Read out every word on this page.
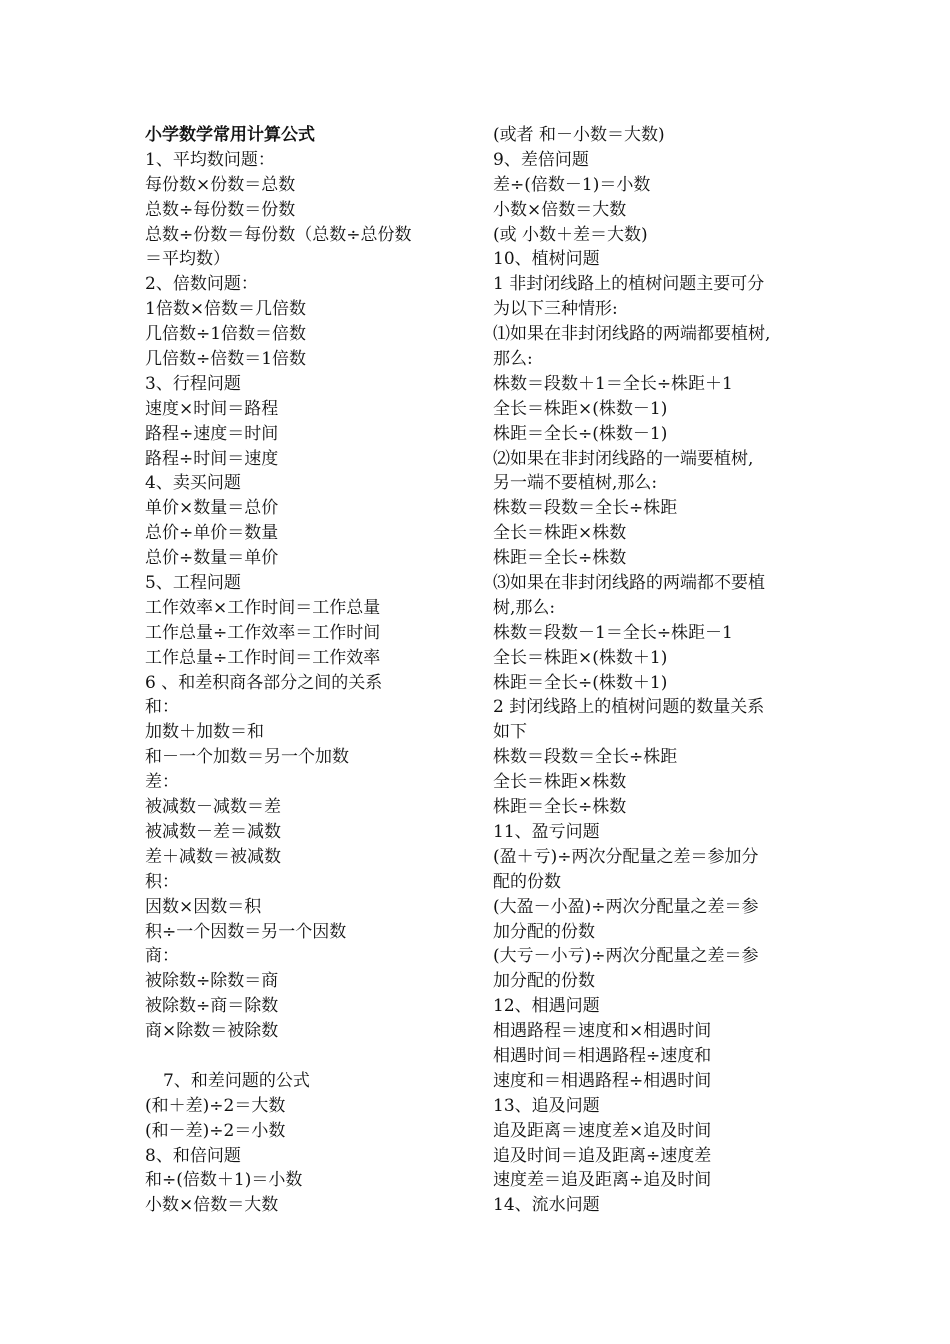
小学数学常用计算公式
1、平均数问题：
每份数×份数＝总数
总数÷每份数＝份数
总数÷份数＝每份数（总数÷总份数
＝平均数）
2、倍数问题：
1倍数×倍数＝几倍数
几倍数÷1倍数＝倍数
几倍数÷倍数＝1倍数
3、行程问题
速度×时间＝路程
路程÷速度＝时间
路程÷时间＝速度
4、卖买问题
单价×数量＝总价
总价÷单价＝数量
总价÷数量＝单价
5、工程问题
工作效率×工作时间＝工作总量
工作总量÷工作效率＝工作时间
工作总量÷工作时间＝工作效率
6 、和差积商各部分之间的关系
和：
加数＋加数＝和
和－一个加数＝另一个加数
差：
被减数－减数＝差
被减数－差＝减数
差＋减数＝被减数
积：
因数×因数＝积
积÷一个因数＝另一个因数
商：
被除数÷除数＝商
被除数÷商＝除数
商×除数＝被除数
7、和差问题的公式
(和＋差)÷2＝大数
(和－差)÷2＝小数
8、和倍问题
和÷(倍数＋1)＝小数
小数×倍数＝大数
(或者 和－小数＝大数)
9、差倍问题
差÷(倍数－1)＝小数
小数×倍数＝大数
(或 小数＋差＝大数)
10、植树问题
1 非封闭线路上的植树问题主要可分
为以下三种情形:
⑴如果在非封闭线路的两端都要植树,
那么:
株数＝段数＋1＝全长÷株距＋1
全长＝株距×(株数－1)
株距＝全长÷(株数－1)
⑵如果在非封闭线路的一端要植树,
另一端不要植树,那么:
株数＝段数＝全长÷株距
全长＝株距×株数
株距＝全长÷株数
⑶如果在非封闭线路的两端都不要植
树,那么:
株数＝段数－1＝全长÷株距－1
全长＝株距×(株数＋1)
株距＝全长÷(株数＋1)
2 封闭线路上的植树问题的数量关系
如下
株数＝段数＝全长÷株距
全长＝株距×株数
株距＝全长÷株数
11、盈亏问题
(盈＋亏)÷两次分配量之差＝参加分
配的份数
(大盈－小盈)÷两次分配量之差＝参
加分配的份数
(大亏－小亏)÷两次分配量之差＝参
加分配的份数
12、相遇问题
相遇路程＝速度和×相遇时间
相遇时间＝相遇路程÷速度和
速度和＝相遇路程÷相遇时间
13、追及问题
追及距离＝速度差×追及时间
追及时间＝追及距离÷速度差
速度差＝追及距离÷追及时间
14、流水问题
